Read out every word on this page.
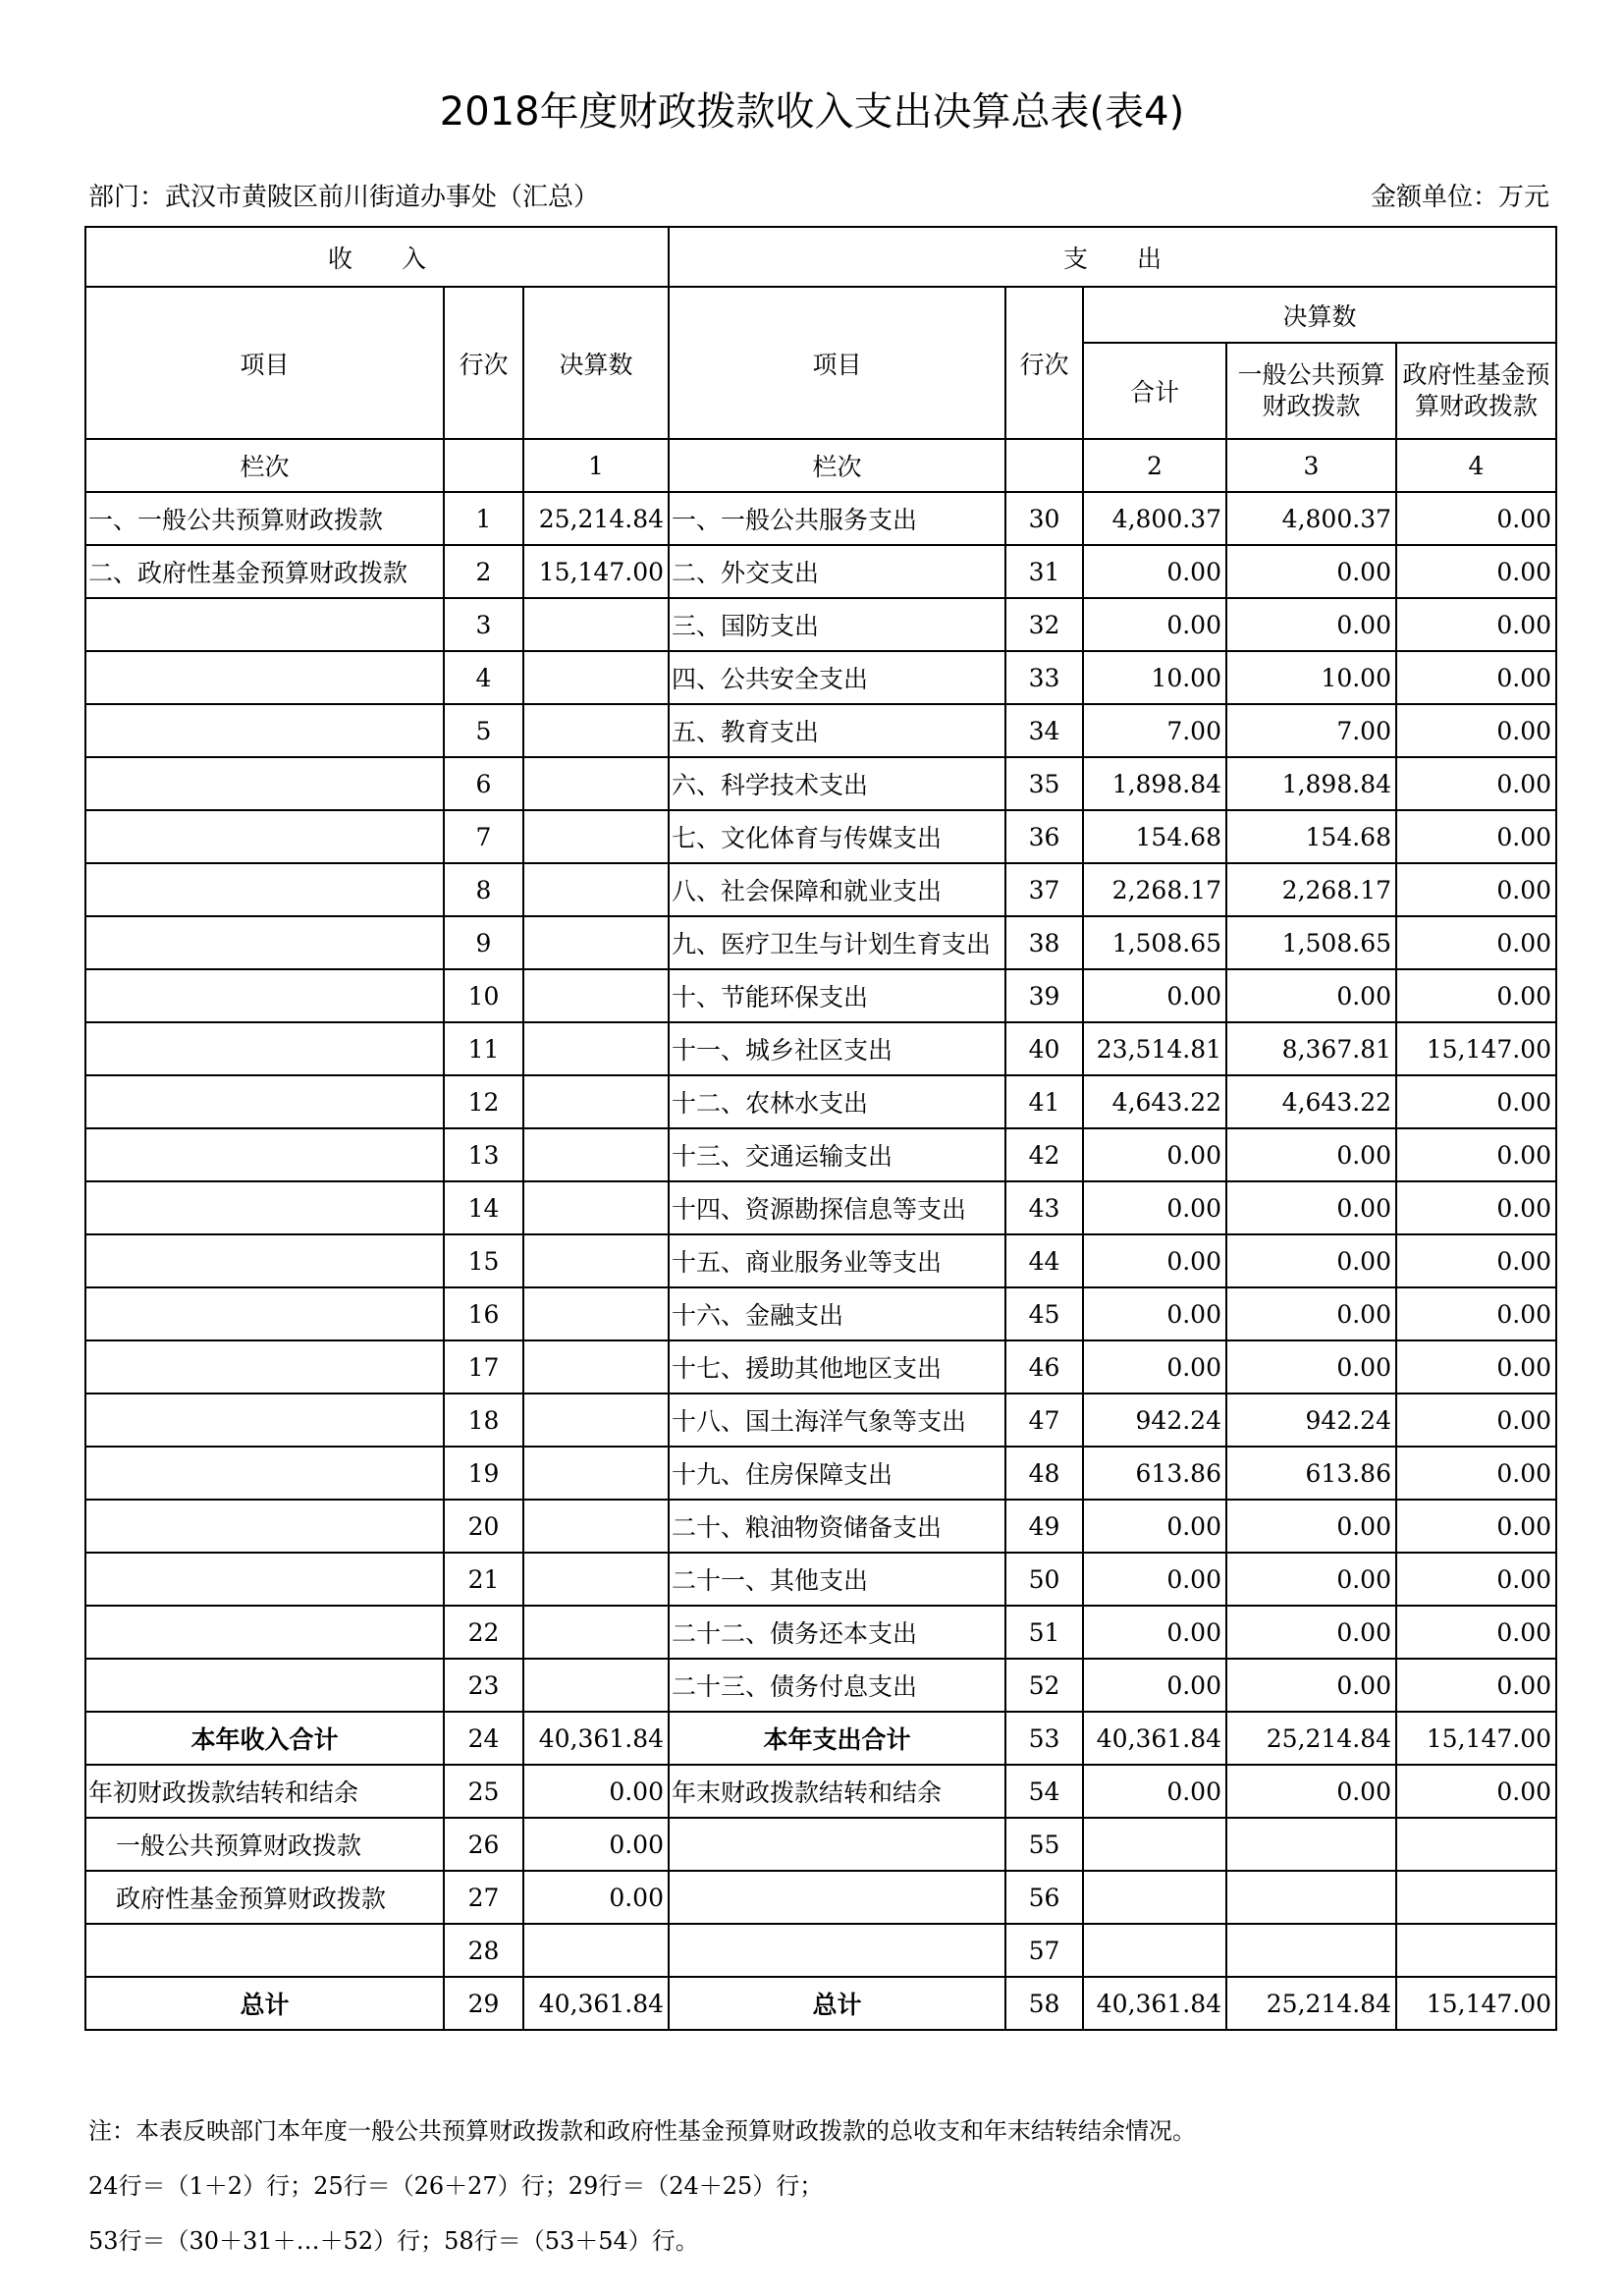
2018年度财政拨款收入支出决算总表(表4)
部门：武汉市黄陂区前川街道办事处（汇总）	金额单位：万元
收　　入			支　　出				
项目	行次	决算数	项目	行次	决算数		
					合计	一般公共预算财政拨款	政府性基金预算财政拨款
栏次		1	栏次		2	3	4
一、一般公共预算财政拨款	1	25,214.84	一、一般公共服务支出	30	4,800.37	4,800.37	0.00
二、政府性基金预算财政拨款	2	15,147.00	二、外交支出	31	0.00	0.00	0.00
	3		三、国防支出	32	0.00	0.00	0.00
	4		四、公共安全支出	33	10.00	10.00	0.00
	5		五、教育支出	34	7.00	7.00	0.00
	6		六、科学技术支出	35	1,898.84	1,898.84	0.00
	7		七、文化体育与传媒支出	36	154.68	154.68	0.00
	8		八、社会保障和就业支出	37	2,268.17	2,268.17	0.00
	9		九、医疗卫生与计划生育支出	38	1,508.65	1,508.65	0.00
	10		十、节能环保支出	39	0.00	0.00	0.00
	11		十一、城乡社区支出	40	23,514.81	8,367.81	15,147.00
	12		十二、农林水支出	41	4,643.22	4,643.22	0.00
	13		十三、交通运输支出	42	0.00	0.00	0.00
	14		十四、资源勘探信息等支出	43	0.00	0.00	0.00
	15		十五、商业服务业等支出	44	0.00	0.00	0.00
	16		十六、金融支出	45	0.00	0.00	0.00
	17		十七、援助其他地区支出	46	0.00	0.00	0.00
	18		十八、国土海洋气象等支出	47	942.24	942.24	0.00
	19		十九、住房保障支出	48	613.86	613.86	0.00
	20		二十、粮油物资储备支出	49	0.00	0.00	0.00
	21		二十一、其他支出	50	0.00	0.00	0.00
	22		二十二、债务还本支出	51	0.00	0.00	0.00
	23		二十三、债务付息支出	52	0.00	0.00	0.00
本年收入合计	24	40,361.84	本年支出合计	53	40,361.84	25,214.84	15,147.00
年初财政拨款结转和结余	25	0.00	年末财政拨款结转和结余	54	0.00	0.00	0.00
一般公共预算财政拨款	26	0.00		55			
政府性基金预算财政拨款	27	0.00		56			
	28			57			
总计	29	40,361.84	总计	58	40,361.84	25,214.84	15,147.00
注：本表反映部门本年度一般公共预算财政拨款和政府性基金预算财政拨款的总收支和年末结转结余情况。
24行＝（1＋2）行；25行＝（26＋27）行；29行＝（24＋25）行；
53行＝（30＋31＋…＋52）行；58行＝（53＋54）行。
